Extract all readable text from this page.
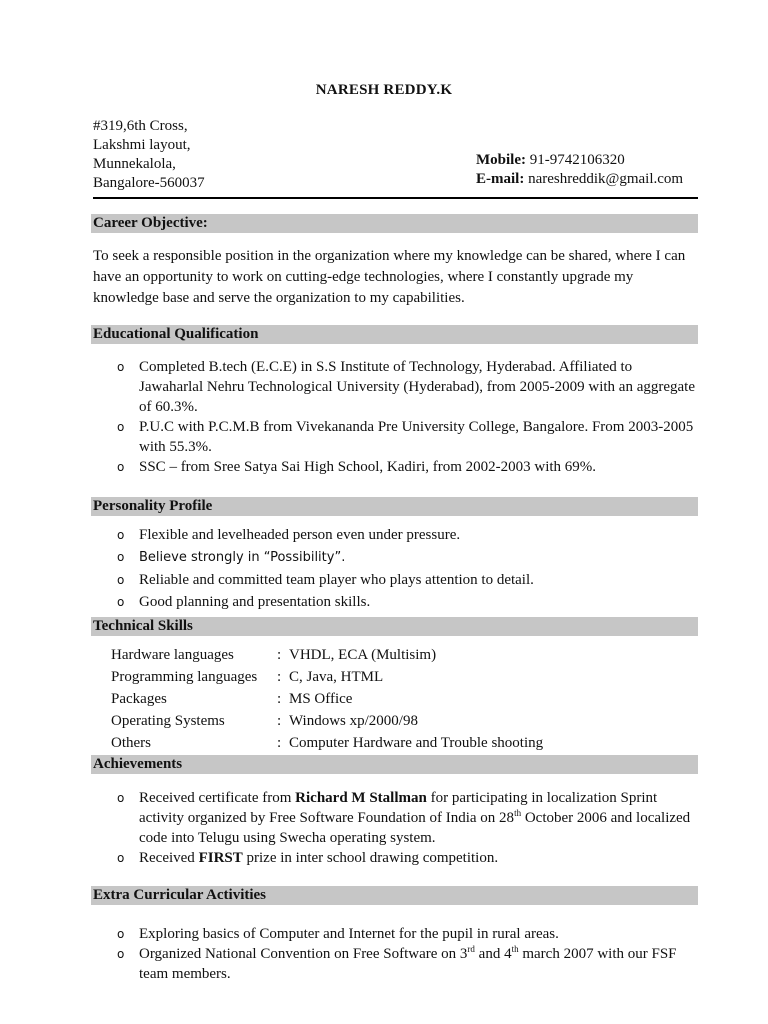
NARESH REDDY.K
#319,6th Cross,
Lakshmi layout,
Munnekalola,
Bangalore-560037
Mobile: 91-9742106320
E-mail: nareshreddik@gmail.com
Career Objective:
To seek a responsible position in the organization where my knowledge can be shared, where I can have an opportunity to work on cutting-edge technologies, where I constantly upgrade my knowledge base and serve the organization to my capabilities.
Educational Qualification
o Completed B.tech (E.C.E) in S.S Institute of Technology, Hyderabad. Affiliated to Jawaharlal Nehru Technological University (Hyderabad), from 2005-2009 with an aggregate of 60.3%.
o P.U.C with P.C.M.B from Vivekananda Pre University College, Bangalore. From 2003-2005 with 55.3%.
o SSC – from Sree Satya Sai High School, Kadiri, from 2002-2003 with 69%.
Personality Profile
o Flexible and levelheaded person even under pressure.
o Believe strongly in “Possibility”.
o Reliable and committed team player who plays attention to detail.
o Good planning and presentation skills.
Technical Skills
Hardware languages	: VHDL, ECA (Multisim)
Programming languages	: C, Java, HTML
Packages	: MS Office
Operating Systems	: Windows xp/2000/98
Others	: Computer Hardware and Trouble shooting
Achievements
o Received certificate from Richard M Stallman for participating in localization Sprint activity organized by Free Software Foundation of India on 28th October 2006 and localized code into Telugu using Swecha operating system.
o Received FIRST prize in inter school drawing competition.
Extra Curricular Activities
o Exploring basics of Computer and Internet for the pupil in rural areas.
o Organized National Convention on Free Software on 3rd and 4th march 2007 with our FSF team members.
